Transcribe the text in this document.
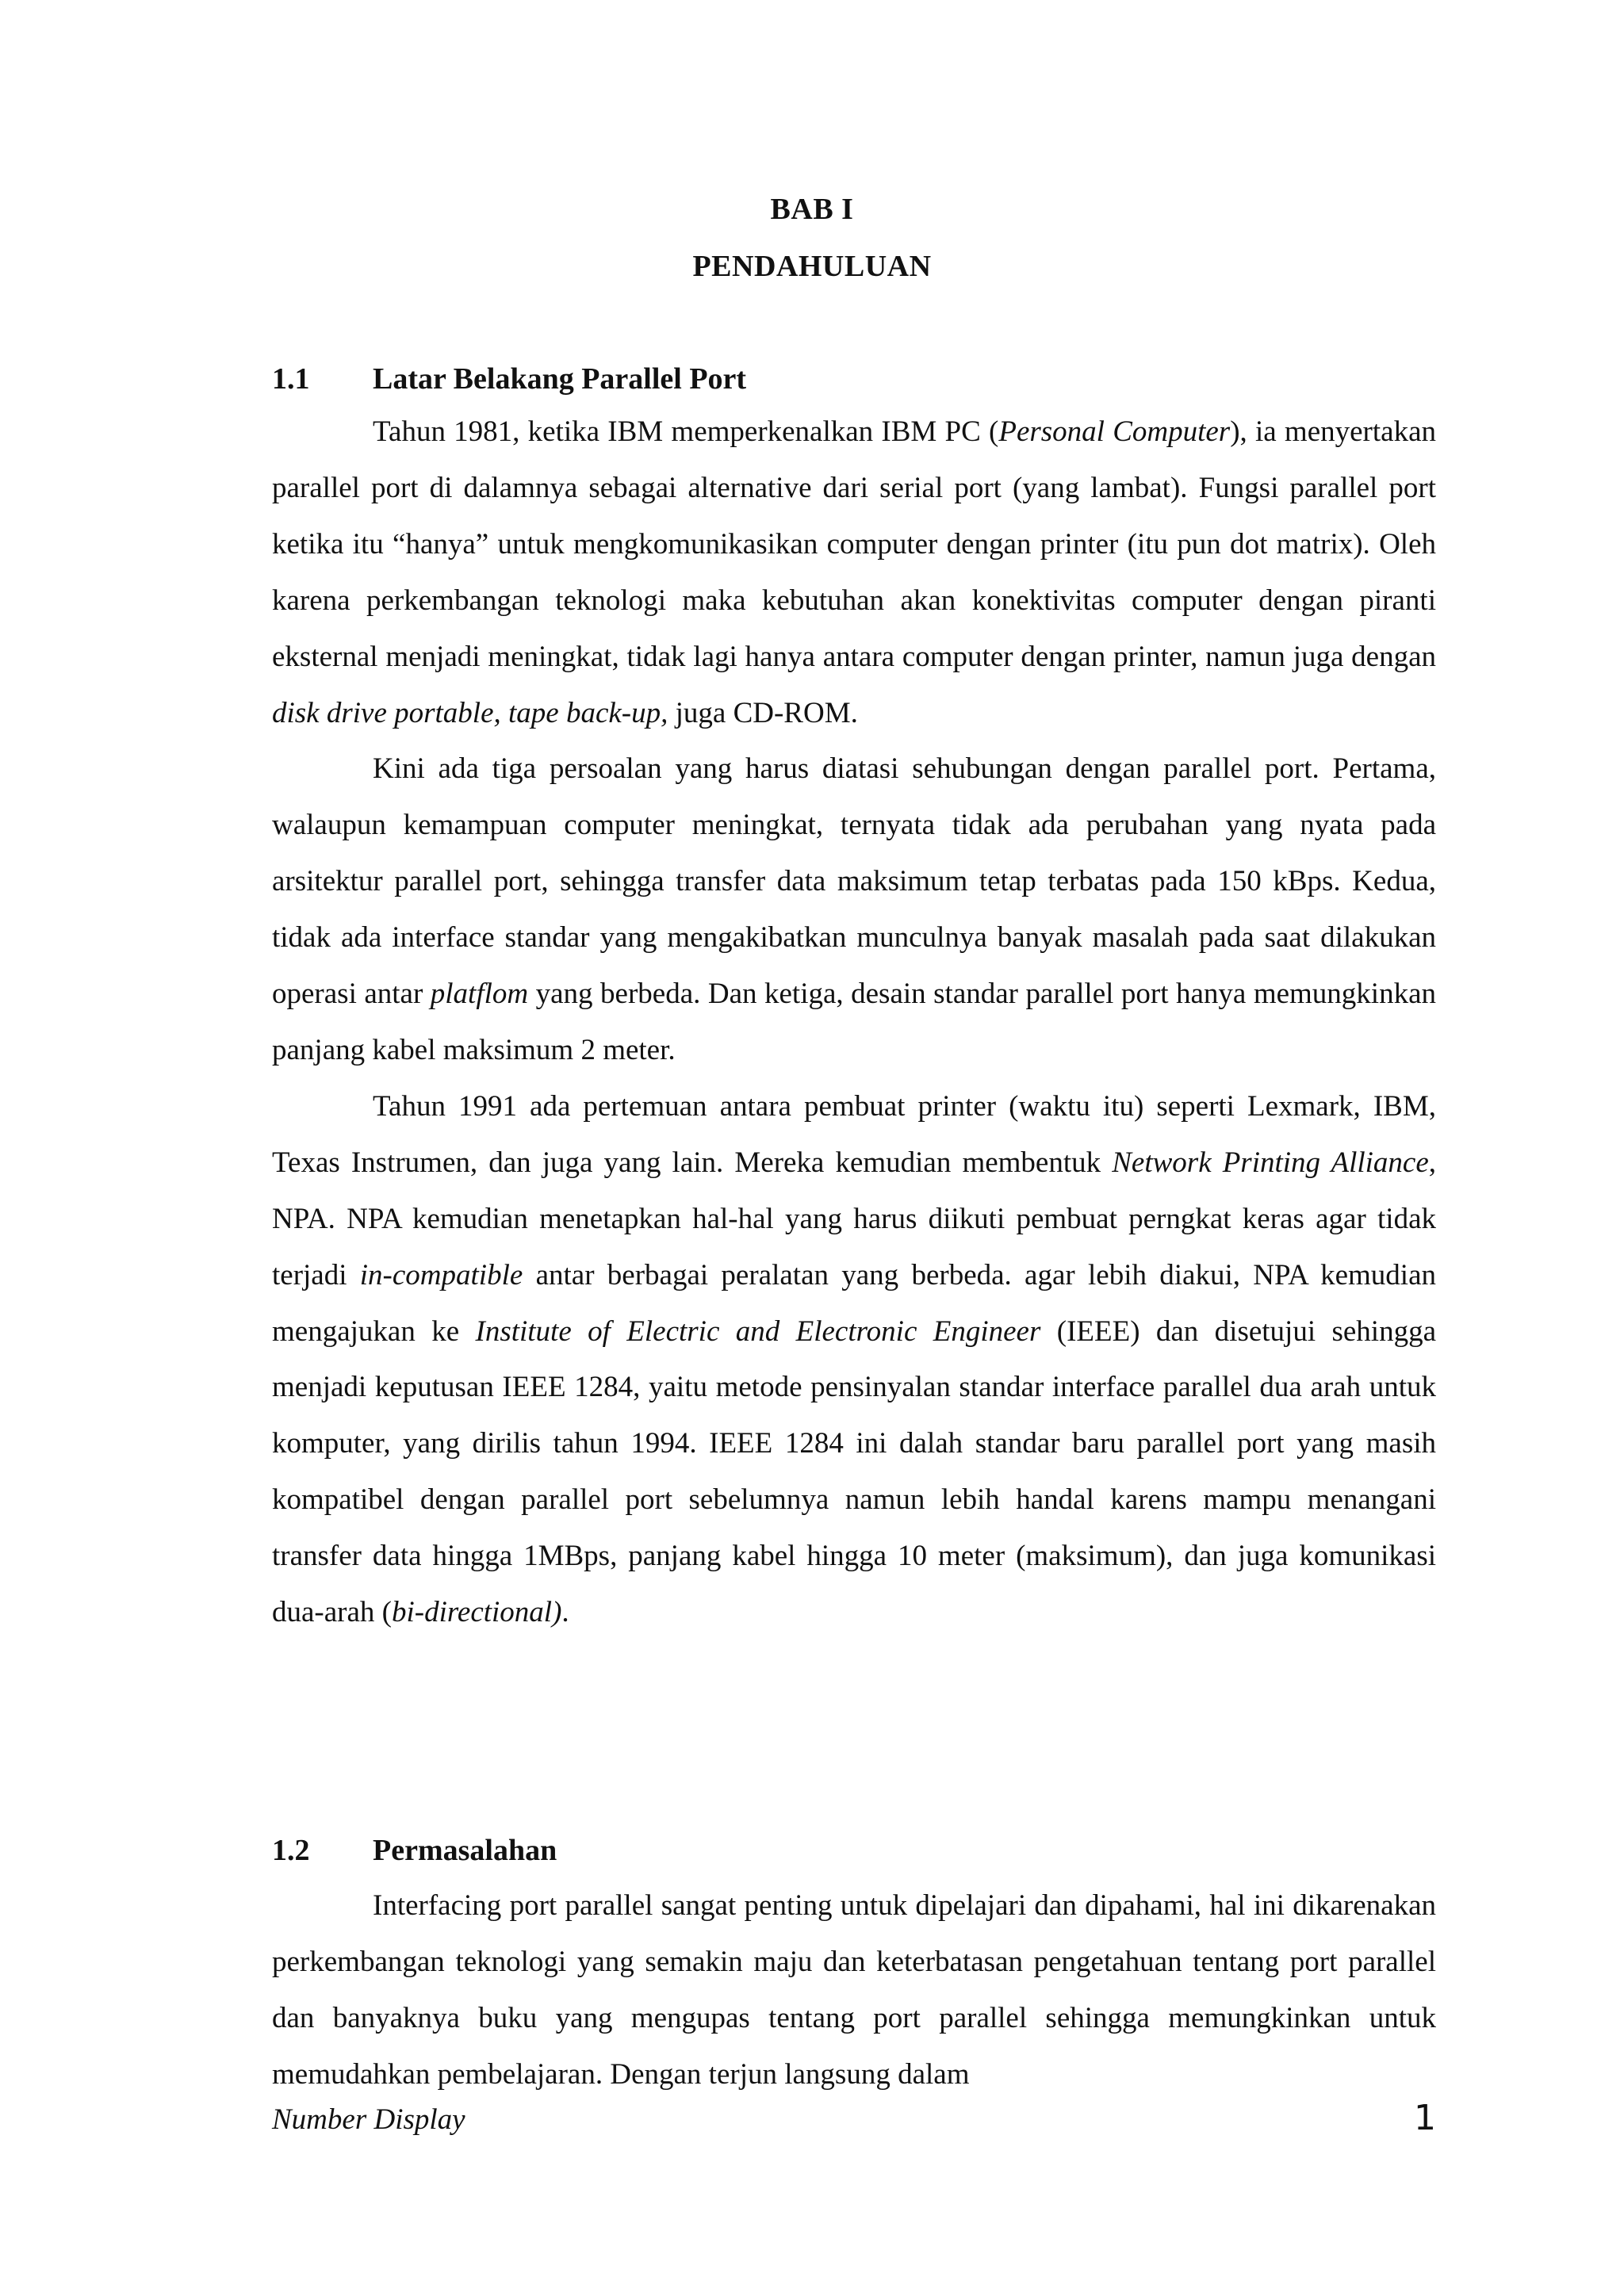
BAB I
PENDAHULUAN
1.1 Latar Belakang Parallel Port

Tahun 1981, ketika IBM memperkenalkan IBM PC (Personal Computer), ia menyertakan parallel port di dalamnya sebagai alternative dari serial port (yang lambat). Fungsi parallel port ketika itu “hanya” untuk mengkomunikasikan computer dengan printer (itu pun dot matrix). Oleh karena perkembangan teknologi maka kebutuhan akan konektivitas computer dengan piranti eksternal menjadi meningkat, tidak lagi hanya antara computer dengan printer, namun juga dengan disk drive portable, tape back-up, juga CD-ROM.

Kini ada tiga persoalan yang harus diatasi sehubungan dengan parallel port. Pertama, walaupun kemampuan computer meningkat, ternyata tidak ada perubahan yang nyata pada arsitektur parallel port, sehingga transfer data maksimum tetap terbatas pada 150 kBps. Kedua, tidak ada interface standar yang mengakibatkan munculnya banyak masalah pada saat dilakukan operasi antar platflom yang berbeda. Dan ketiga, desain standar parallel port hanya memungkinkan panjang kabel maksimum 2 meter.

Tahun 1991 ada pertemuan antara pembuat printer (waktu itu) seperti Lexmark, IBM, Texas Instrumen, dan juga yang lain. Mereka kemudian membentuk Network Printing Alliance, NPA. NPA kemudian menetapkan hal-hal yang harus diikuti pembuat perngkat keras agar tidak terjadi in-compatible antar berbagai peralatan yang berbeda. agar lebih diakui, NPA kemudian mengajukan ke Institute of Electric and Electronic Engineer (IEEE) dan disetujui sehingga menjadi keputusan IEEE 1284, yaitu metode pensinyalan standar interface parallel dua arah untuk komputer, yang dirilis tahun 1994. IEEE 1284 ini dalah standar baru parallel port yang masih kompatibel dengan parallel port sebelumnya namun lebih handal karens mampu menangani transfer data hingga 1MBps, panjang kabel hingga 10 meter (maksimum), dan juga komunikasi dua-arah (bi-directional).

1.2 Permasalahan

Interfacing port parallel sangat penting untuk dipelajari dan dipahami, hal ini dikarenakan perkembangan teknologi yang semakin maju dan keterbatasan pengetahuan tentang port parallel dan banyaknya buku yang mengupas tentang port parallel sehingga memungkinkan untuk memudahkan pembelajaran. Dengan terjun langsung dalam

Number Display	1
